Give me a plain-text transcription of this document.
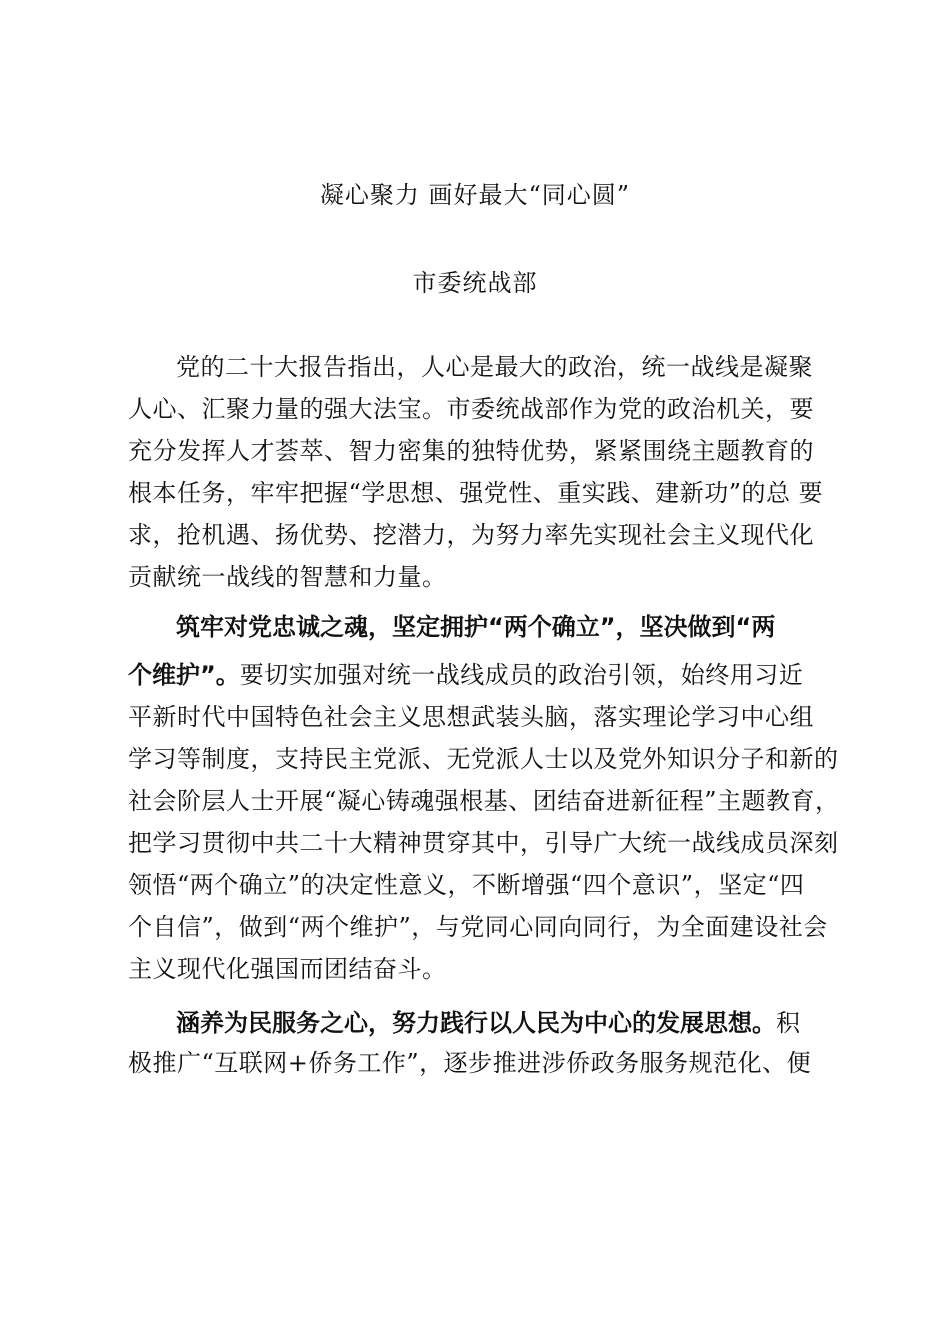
凝心聚力 画好最大“同心圆”
市委统战部
党的二十大报告指出，人心是最大的政治，统一战线是凝聚
人心、汇聚力量的强大法宝。市委统战部作为党的政治机关，要
充分发挥人才荟萃、智力密集的独特优势，紧紧围绕主题教育的
根本任务，牢牢把握“学思想、强党性、重实践、建新功”的总 要
求，抢机遇、扬优势、挖潜力，为努力率先实现社会主义现代化
贡献统一战线的智慧和力量。
筑牢对党忠诚之魂，坚定拥护“两个确立”，坚决做到“两
个维护”。要切实加强对统一战线成员的政治引领，始终用习近
平新时代中国特色社会主义思想武装头脑，落实理论学习中心组
学习等制度，支持民主党派、无党派人士以及党外知识分子和新的
社会阶层人士开展“凝心铸魂强根基、团结奋进新征程”主题教育，
把学习贯彻中共二十大精神贯穿其中，引导广大统一战线成员深刻
领悟“两个确立”的决定性意义，不断增强“四个意识”，坚定“四
个自信”，做到“两个维护”，与党同心同向同行，为全面建设社会
主义现代化强国而团结奋斗。
涵养为民服务之心，努力践行以人民为中心的发展思想。积
极推广“互联网+侨务工作”，逐步推进涉侨政务服务规范化、便
